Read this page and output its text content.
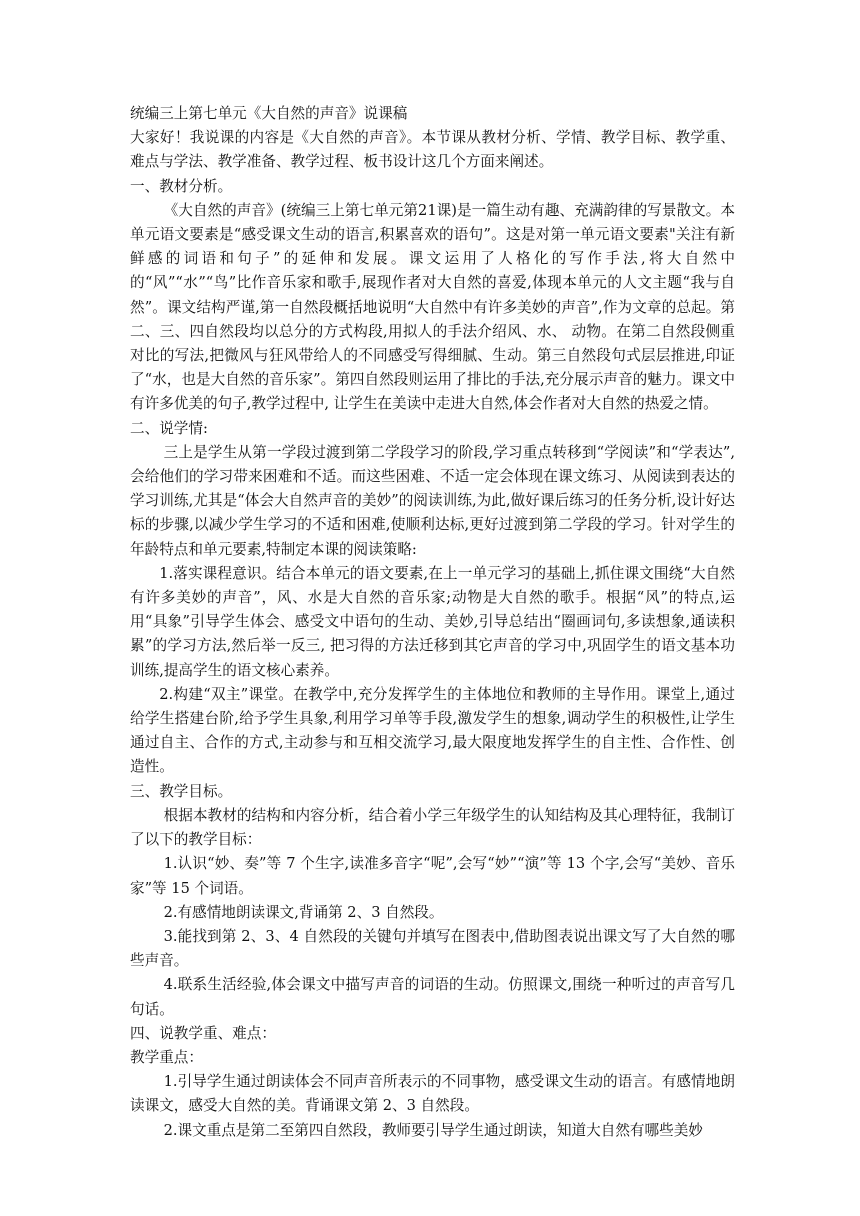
统编三上第七单元《大自然的声音》说课稿

大家好！我说课的内容是《大自然的声音》。本节课从教材分析、学情、教学目标、教学重、难点与学法、教学准备、教学过程、板书设计这几个方面来阐述。

一、教材分析。

《大自然的声音》(统编三上第七单元第21课)是一篇生动有趣、充满韵律的写景散文。本单元语文要素是“感受课文生动的语言,积累喜欢的语句”。这是对第一单元语文要素"关注有新鲜感的词语和句子”的延伸和发展。课文运用了人格化的写作手法,将大自然中的“风”“水”“鸟”比作音乐家和歌手,展现作者对大自然的喜爱,体现本单元的人文主题“我与自然”。课文结构严谨,第一自然段概括地说明“大自然中有许多美妙的声音”,作为文章的总起。第二、三、四自然段均以总分的方式构段,用拟人的手法介绍风、水、 动物。在第二自然段侧重对比的写法,把微风与狂风带给人的不同感受写得细腻、生动。第三自然段句式层层推进,印证了“水，也是大自然的音乐家”。第四自然段则运用了排比的手法,充分展示声音的魅力。课文中有许多优美的句子,教学过程中, 让学生在美读中走进大自然,体会作者对大自然的热爱之情。

二、说学情:

三上是学生从第一学段过渡到第二学段学习的阶段,学习重点转移到“学阅读”和“学表达”,会给他们的学习带来困难和不适。而这些困难、不适一定会体现在课文练习、从阅读到表达的学习训练,尤其是“体会大自然声音的美妙”的阅读训练,为此,做好课后练习的任务分析,设计好达标的步骤,以减少学生学习的不适和困难,使顺利达标,更好过渡到第二学段的学习。针对学生的年龄特点和单元要素,特制定本课的阅读策略:

1.落实课程意识。结合本单元的语文要素,在上一单元学习的基础上,抓住课文围绕“大自然有许多美妙的声音”，风、水是大自然的音乐家;动物是大自然的歌手。根据“风”的特点,运用“具象”引导学生体会、感受文中语句的生动、美妙,引导总结出“圈画词句,多读想象,通读积累”的学习方法,然后举一反三, 把习得的方法迁移到其它声音的学习中,巩固学生的语文基本功训练,提高学生的语文核心素养。

2.构建“双主”课堂。在教学中,充分发挥学生的主体地位和教师的主导作用。课堂上,通过给学生搭建台阶,给予学生具象,利用学习单等手段,激发学生的想象,调动学生的积极性,让学生通过自主、合作的方式,主动参与和互相交流学习,最大限度地发挥学生的自主性、合作性、创造性。

三、教学目标。

根据本教材的结构和内容分析，结合着小学三年级学生的认知结构及其心理特征，我制订了以下的教学目标：

1.认识“妙、奏”等 7 个生字,读准多音字“呢”,会写“妙”“演”等 13 个字,会写“美妙、音乐家”等 15 个词语。

2.有感情地朗读课文,背诵第 2、3 自然段。

3.能找到第 2、3、4 自然段的关键句并填写在图表中,借助图表说出课文写了大自然的哪些声音。

4.联系生活经验,体会课文中描写声音的词语的生动。仿照课文,围绕一种听过的声音写几句话。

四、说教学重、难点：

教学重点：

1.引导学生通过朗读体会不同声音所表示的不同事物，感受课文生动的语言。有感情地朗读课文，感受大自然的美。背诵课文第 2、3 自然段。

2.课文重点是第二至第四自然段，教师要引导学生通过朗读，知道大自然有哪些美妙
